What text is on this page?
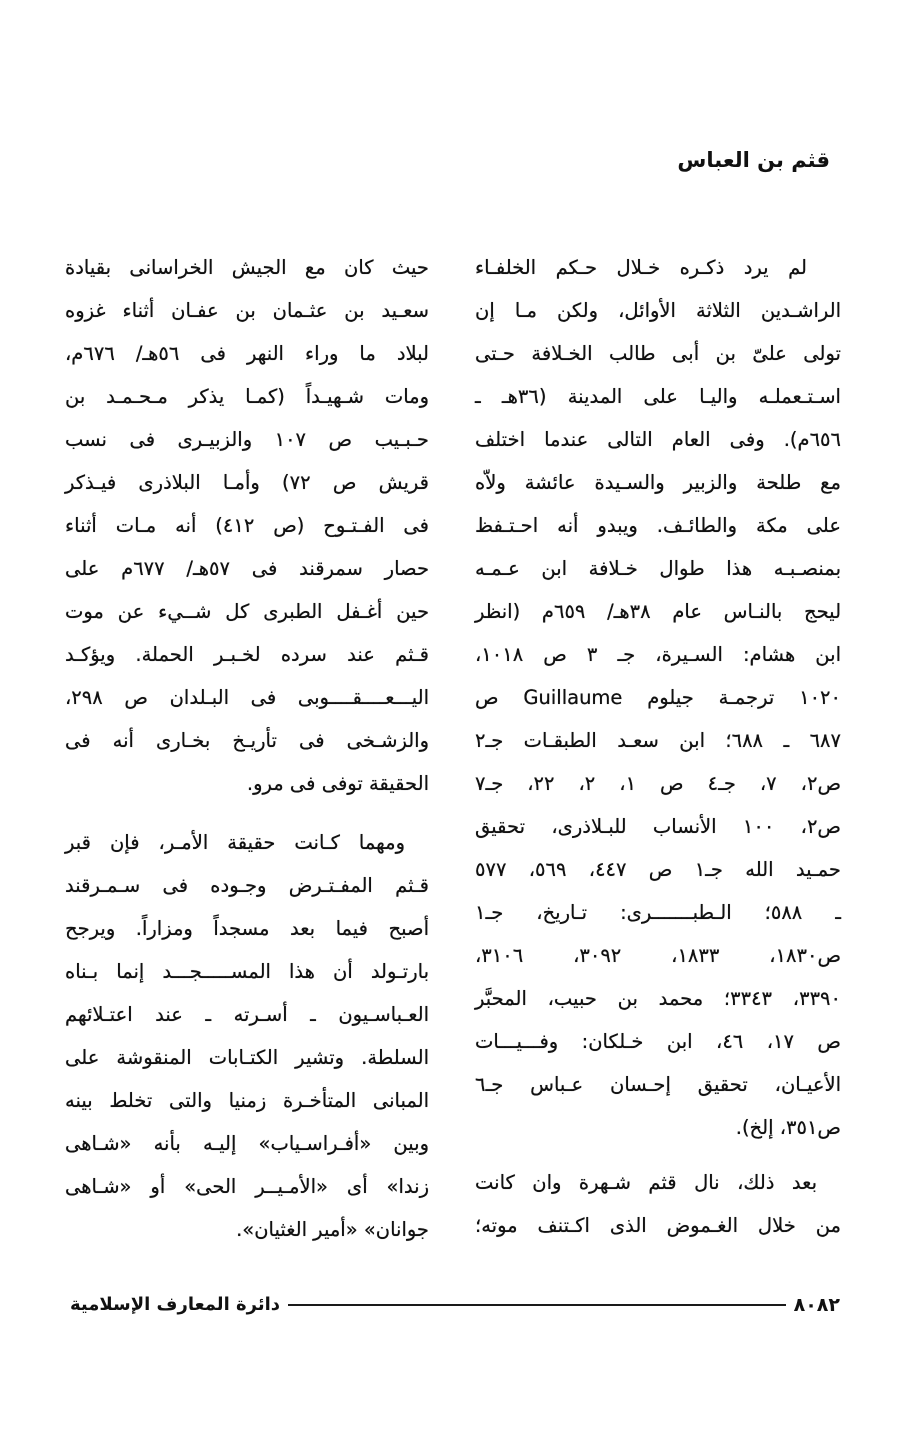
قثم بن العباس
لم يرد ذكـره خـلال حـكم الخلفـاء
الراشـدين الثلاثة الأوائل، ولكن مـا إن
تولى علىّ بن أبى طالب الخـلافة حـتى
اسـتـعملـه واليـا على المدينة (٣٦هـ ـ
٦٥٦م). وفى العام التالى عندما اختلف
مع طلحة والزبير والسـيدة عائشة ولاّه
على مكة والطائـف. ويبدو أنه احـتـفظ
بمنصـبـه هذا طوال خـلافة ابن عـمـه
ليحج بالنـاس عام ٣٨هـ/ ٦٥٩م (انظر
ابن هشام: السـيرة، جـ ٣ ص ١٠١٨،
١٠٢٠ ترجمـة جيلوم Guillaume ص
٦٨٧ ـ ٦٨٨؛ ابن سعـد الطبقـات جـ٢
ص٢، ٧، جـ٤ ص ١، ٢، ٢٢، جـ٧
ص٢، ١٠٠ الأنساب للبـلاذرى، تحقيق
حمـيد الله جـ١ ص ٤٤٧، ٥٦٩، ٥٧٧
ـ ٥٨٨؛ الـطبـــــــرى: تـاريخ، جـ١
ص١٨٣٠، ١٨٣٣، ٣٠٩٢، ٣١٠٦،
٣٣٩٠، ٣٣٤٣؛ محمد بن حبيب، المحبَّر
ص ١٧، ٤٦، ابن خـلكان: وفـــيـــات
الأعيـان، تحقيق إحـسان عـباس جـ٦
ص٣٥١، إلخ).
بعد ذلك، نال قثم شـهرة وان كانت
من خلال الغـموض الذى اكـتنف موته؛
حيث كان مع الجيش الخراسانى بقيادة
سعـيد بن عثـمان بن عفـان أثناء غزوه
لبلاد ما وراء النهر فى ٥٦هـ/ ٦٧٦م،
ومات شـهيـداً (كمـا يذكر مـحـمـد بن
حـبـيب ص ١٠٧ والزبيـرى فى نسب
قريش ص ٧٢) وأمـا البلاذرى فيـذكر
فى الفـتـوح (ص ٤١٢) أنه مـات أثناء
حصار سمرقند فى ٥٧هـ/ ٦٧٧م على
حين أغـفل الطبرى كل شــيء عن موت
قـثم عند سرده لخـبـر الحملة. ويؤكـد
اليـــعــــقــــوبى فى البـلدان ص ٢٩٨،
والزشـخى فى تأريـخ بخـارى أنه فى
الحقيقة توفى فى مرو.
ومهما كـانت حقيقة الأمـر، فإن قبر
قـثم المفـتـرض وجـوده فى سـمـرقند
أصبح فيما بعد مسجداً ومزاراً. ويرجح
بارتـولد أن هذا المســـــجـــد إنما بـناه
العـباسـيون ـ أسـرته ـ عند اعتـلائهم
السلطة. وتشير الكتـابات المنقوشة على
المبانى المتأخـرة زمنيا والتى تخلط بينه
وبين «أفـراسـياب» إليـه بأنه «شـاهى
زندا» أى «الأمـيــر الحى» أو «شـاهى
جوانان» «أمير الغثيان».
٨٠٨٢
دائرة المعارف الإسلامية
